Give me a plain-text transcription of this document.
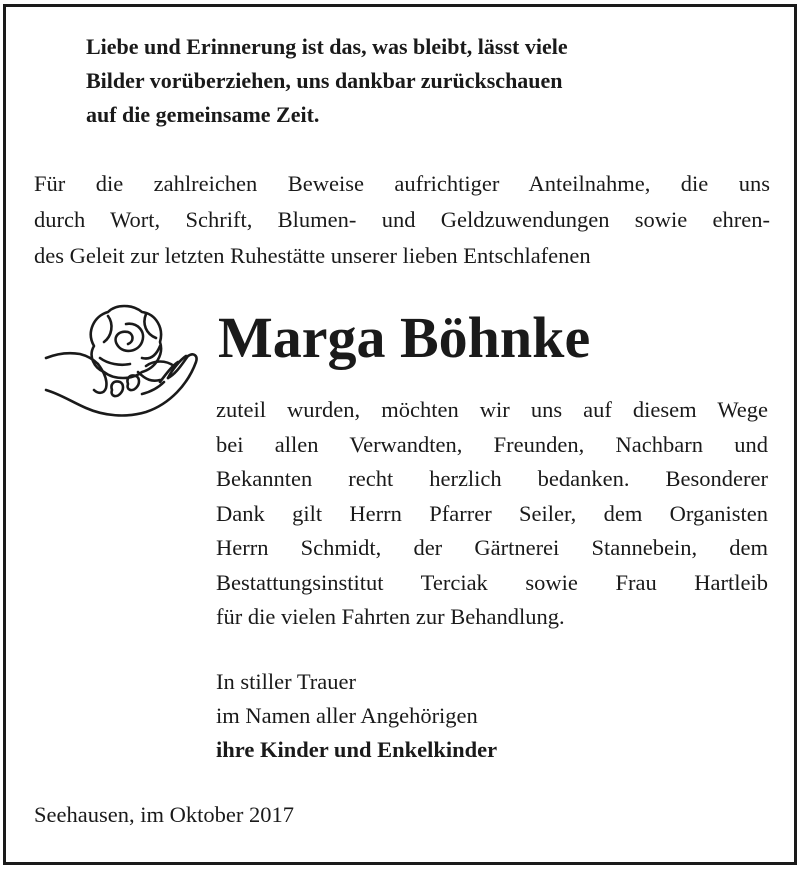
Liebe und Erinnerung ist das, was bleibt, lässt viele
Bilder vorüberziehen, uns dankbar zurückschauen
auf die gemeinsame Zeit.
Für die zahlreichen Beweise aufrichtiger Anteilnahme, die uns
durch Wort, Schrift, Blumen- und Geldzuwendungen sowie ehren-
des Geleit zur letzten Ruhestätte unserer lieben Entschlafenen
Marga Böhnke
zuteil wurden, möchten wir uns auf diesem Wege
bei allen Verwandten, Freunden, Nachbarn und
Bekannten recht herzlich bedanken. Besonderer
Dank gilt Herrn Pfarrer Seiler, dem Organisten
Herrn Schmidt, der Gärtnerei Stannebein, dem
Bestattungsinstitut Terciak sowie Frau Hartleib
für die vielen Fahrten zur Behandlung.
In stiller Trauer
im Namen aller Angehörigen
ihre Kinder und Enkelkinder
Seehausen, im Oktober 2017
